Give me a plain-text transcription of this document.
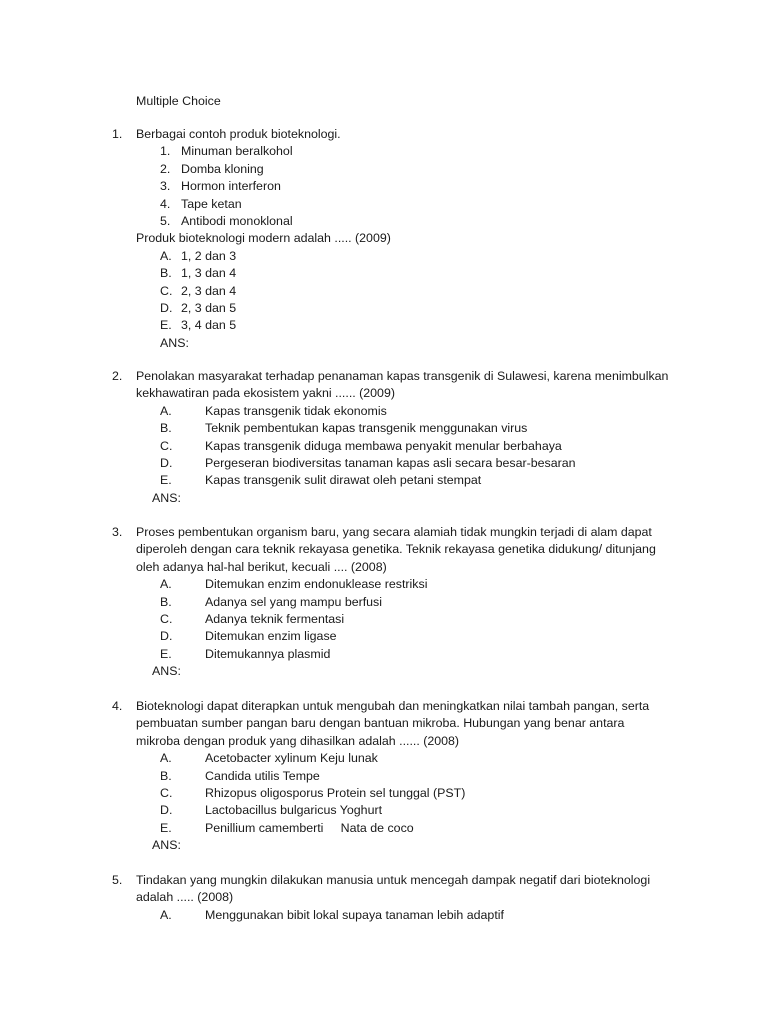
Multiple Choice
1. Berbagai contoh produk bioteknologi.
1. Minuman beralkohol
2. Domba kloning
3. Hormon interferon
4. Tape ketan
5. Antibodi monoklonal
Produk bioteknologi modern adalah ..... (2009)
A. 1, 2 dan 3
B. 1, 3 dan 4
C. 2, 3 dan 4
D. 2, 3 dan 5
E. 3, 4 dan 5
ANS:
2. Penolakan masyarakat terhadap penanaman kapas transgenik di Sulawesi, karena menimbulkan
kekhawatiran pada ekosistem yakni ...... (2009)
A.	Kapas transgenik tidak ekonomis
B.	Teknik pembentukan kapas transgenik menggunakan virus
C.	Kapas transgenik diduga membawa penyakit menular berbahaya
D.	Pergeseran biodiversitas tanaman kapas asli secara besar-besaran
E.	Kapas transgenik sulit dirawat oleh petani stempat
ANS:
3. Proses pembentukan organism baru, yang secara alamiah tidak mungkin terjadi di alam dapat
diperoleh dengan cara teknik rekayasa genetika. Teknik rekayasa genetika didukung/ ditunjang
oleh adanya hal-hal berikut, kecuali .... (2008)
A.	Ditemukan enzim endonuklease restriksi
B.	Adanya sel yang mampu berfusi
C.	Adanya teknik fermentasi
D.	Ditemukan enzim ligase
E.	Ditemukannya plasmid
ANS:
4. Bioteknologi dapat diterapkan untuk mengubah dan meningkatkan nilai tambah pangan, serta
pembuatan sumber pangan baru dengan bantuan mikroba. Hubungan yang benar antara
mikroba dengan produk yang dihasilkan adalah ...... (2008)
A.	Acetobacter xylinum Keju lunak
B.	Candida utilis Tempe
C.	Rhizopus oligosporus Protein sel tunggal (PST)
D.	Lactobacillus bulgaricus Yoghurt
E.	Penillium camemberti     Nata de coco
ANS:
5. Tindakan yang mungkin dilakukan manusia untuk mencegah dampak negatif dari bioteknologi
adalah ..... (2008)
A.	Menggunakan bibit lokal supaya tanaman lebih adaptif
